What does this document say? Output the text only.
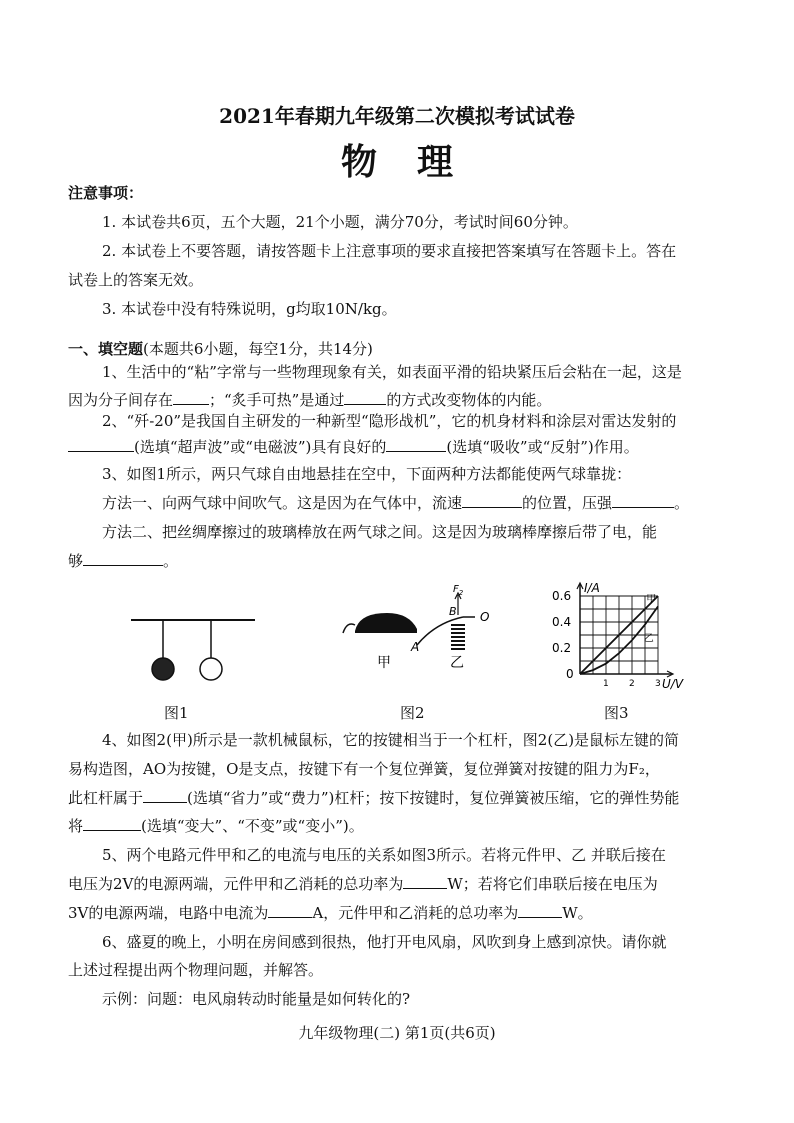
2021年春期九年级第二次模拟考试试卷
物理
注意事项：
1. 本试卷共6页，五个大题，21个小题，满分70分，考试时间60分钟。
2. 本试卷上不要答题，请按答题卡上注意事项的要求直接把答案填写在答题卡上。答在
试卷上的答案无效。
3. 本试卷中没有特殊说明，g均取10N/kg。
一、填空题(本题共6小题，每空1分，共14分)
1、生活中的“粘”字常与一些物理现象有关，如表面平滑的铅块紧压后会粘在一起，这是
因为分子间存在 ；“炙手可热”是通过	的方式改变物体的内能。
2、“歼-20”是我国自主研发的一种新型“隐形战机”，它的机身材料和涂层对雷达发射的
(选填“超声波”或“电磁波”)具有良好的	(选填“吸收”或“反射”)作用。
3、如图1所示，两只气球自由地悬挂在空中，下面两种方法都能使两气球靠拢：
方法一、向两气球中间吹气。这是因为在气体中，流速	的位置，压强	。
方法二、把丝绸摩擦过的玻璃棒放在两气球之间。这是因为玻璃棒摩擦后带了电，能
够	。
甲
A
B O
$F_2$
乙
I/A
U/V
0
0.2
0.4
0.6
1 2 3
甲
乙
图1	图2	图3
4、如图2(甲)所示是一款机械鼠标，它的按键相当于一个杠杆，图2(乙)是鼠标左键的简
易构造图，AO为按键，O是支点，按键下有一个复位弹簧，复位弹簧对按键的阻力为F₂，
此杠杆属于	(选填“省力”或“费力”)杠杆；按下按键时，复位弹簧被压缩，它的弹性势能
将	(选填“变大”、“不变”或“变小”)。
5、两个电路元件甲和乙的电流与电压的关系如图3所示。若将元件甲、乙 并联后接在
电压为2V的电源两端，元件甲和乙消耗的总功率为	W；若将它们串联后接在电压为
3V的电源两端，电路中电流为	A，元件甲和乙消耗的总功率为	W。
6、盛夏的晚上，小明在房间感到很热，他打开电风扇，风吹到身上感到凉快。请你就
上述过程提出两个物理问题，并解答。
示例：问题：电风扇转动时能量是如何转化的?
九年级物理(二) 第1页(共6页)
